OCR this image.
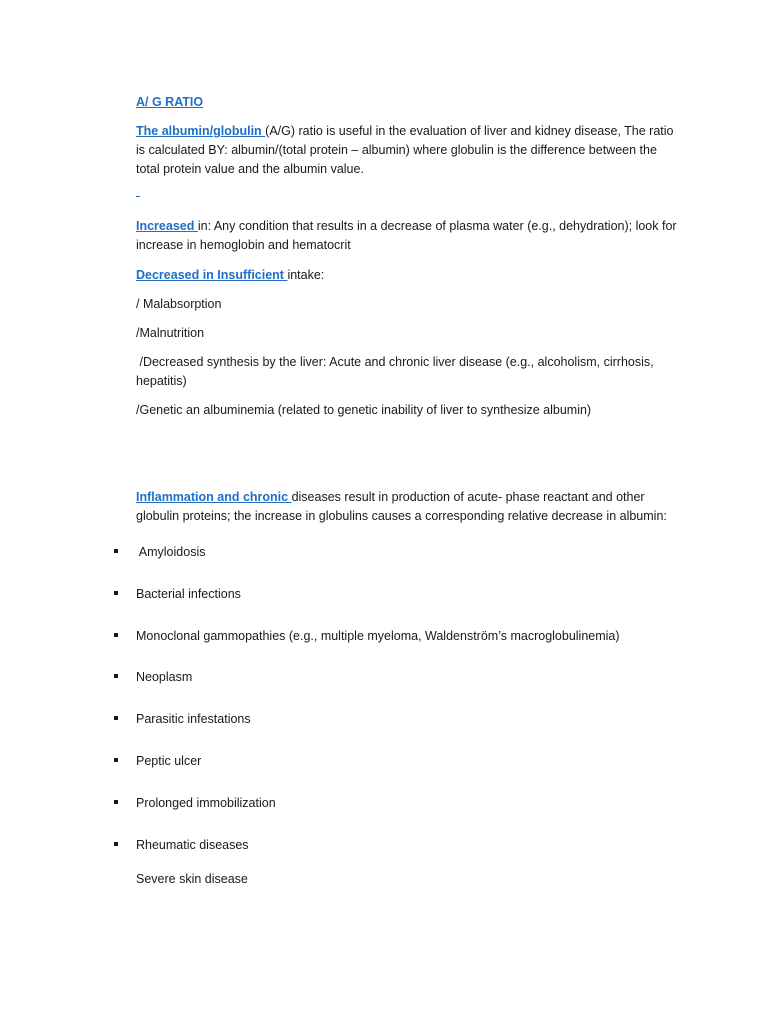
A/ G RATIO

The albumin/globulin (A/G) ratio is useful in the evaluation of liver and kidney disease, The ratio is calculated BY: albumin/(total protein – albumin) where globulin is the difference between the total protein value and the albumin value.

Increased in: Any condition that results in a decrease of plasma water (e.g., dehydration); look for increase in hemoglobin and hematocrit

Decreased in Insufficient intake:

/ Malabsorption

/Malnutrition

/Decreased synthesis by the liver: Acute and chronic liver disease (e.g., alcoholism, cirrhosis, hepatitis)

/Genetic an albuminemia (related to genetic inability of liver to synthesize albumin)

Inflammation and chronic diseases result in production of acute- phase reactant and other globulin proteins; the increase in globulins causes a corresponding relative decrease in albumin:

Amyloidosis
Bacterial infections
Monoclonal gammopathies (e.g., multiple myeloma, Waldenström’s macroglobulinemia)
Neoplasm
Parasitic infestations
Peptic ulcer
Prolonged immobilization
Rheumatic diseases

Severe skin disease
